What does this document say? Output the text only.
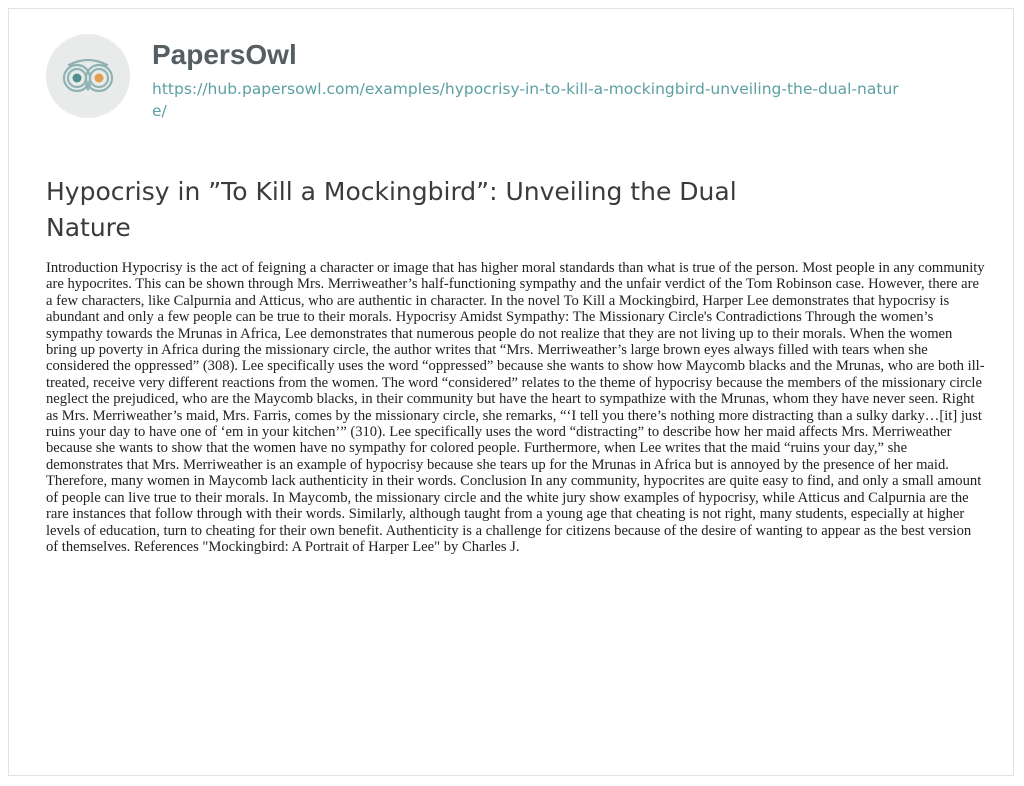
PapersOwl
https://hub.papersowl.com/examples/hypocrisy-in-to-kill-a-mockingbird-unveiling-the-dual-nature/
Hypocrisy in ”To Kill a Mockingbird”: Unveiling the Dual Nature

Introduction Hypocrisy is the act of feigning a character or image that has higher moral standards than what is true of the person. Most people in any community are hypocrites. This can be shown through Mrs. Merriweather’s half-functioning sympathy and the unfair verdict of the Tom Robinson case. However, there are a few characters, like Calpurnia and Atticus, who are authentic in character. In the novel To Kill a Mockingbird, Harper Lee demonstrates that hypocrisy is abundant and only a few people can be true to their morals. Hypocrisy Amidst Sympathy: The Missionary Circle's Contradictions Through the women’s sympathy towards the Mrunas in Africa, Lee demonstrates that numerous people do not realize that they are not living up to their morals. When the women bring up poverty in Africa during the missionary circle, the author writes that “Mrs. Merriweather’s large brown eyes always filled with tears when she considered the oppressed” (308). Lee specifically uses the word “oppressed” because she wants to show how Maycomb blacks and the Mrunas, who are both ill-treated, receive very different reactions from the women. The word “considered” relates to the theme of hypocrisy because the members of the missionary circle neglect the prejudiced, who are the Maycomb blacks, in their community but have the heart to sympathize with the Mrunas, whom they have never seen. Right as Mrs. Merriweather’s maid, Mrs. Farris, comes by the missionary circle, she remarks, “‘I tell you there’s nothing more distracting than a sulky darky…[it] just ruins your day to have one of ‘em in your kitchen’” (310). Lee specifically uses the word “distracting” to describe how her maid affects Mrs. Merriweather because she wants to show that the women have no sympathy for colored people. Furthermore, when Lee writes that the maid “ruins your day,” she demonstrates that Mrs. Merriweather is an example of hypocrisy because she tears up for the Mrunas in Africa but is annoyed by the presence of her maid. Therefore, many women in Maycomb lack authenticity in their words. Conclusion In any community, hypocrites are quite easy to find, and only a small amount of people can live true to their morals. In Maycomb, the missionary circle and the white jury show examples of hypocrisy, while Atticus and Calpurnia are the rare instances that follow through with their words. Similarly, although taught from a young age that cheating is not right, many students, especially at higher levels of education, turn to cheating for their own benefit. Authenticity is a challenge for citizens because of the desire of wanting to appear as the best version of themselves. References "Mockingbird: A Portrait of Harper Lee" by Charles J.
